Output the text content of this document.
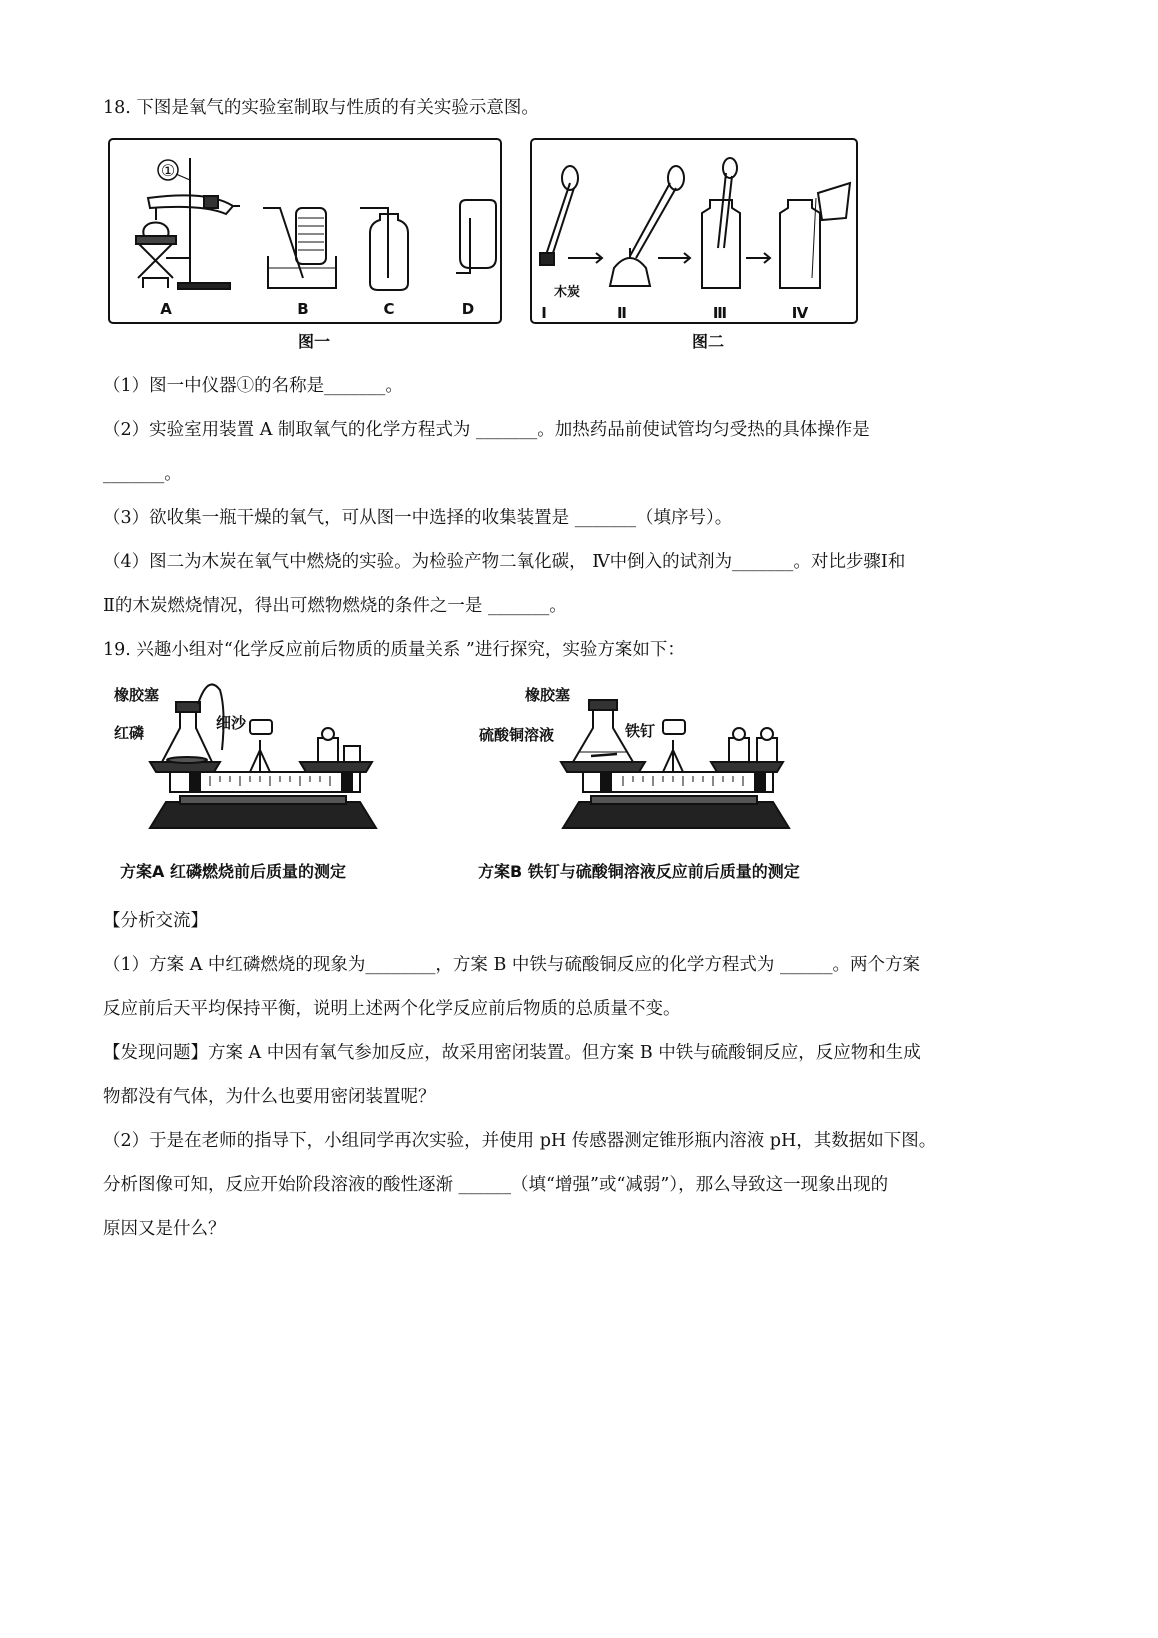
18. 下图是氧气的实验室制取与性质的有关实验示意图。
①
A	B	C	D
图一
木炭
Ⅰ	Ⅱ	Ⅲ	Ⅳ
图二
（1）图一中仪器①的名称是_______。
（2）实验室用装置 A 制取氧气的化学方程式为 _______。加热药品前使试管均匀受热的具体操作是
_______。
（3）欲收集一瓶干燥的氧气，可从图一中选择的收集装置是 _______（填序号）。
（4）图二为木炭在氧气中燃烧的实验。为检验产物二氧化碳， Ⅳ中倒入的试剂为_______。对比步骤Ⅰ和
Ⅱ的木炭燃烧情况，得出可燃物燃烧的条件之一是 _______。
19. 兴趣小组对“化学反应前后物质的质量关系 ”进行探究，实验方案如下：
橡胶塞
红磷
细沙
方案A 红磷燃烧前后质量的测定
橡胶塞
硫酸铜溶液	铁钉
方案B 铁钉与硫酸铜溶液反应前后质量的测定
【分析交流】
（1）方案 A 中红磷燃烧的现象为________，方案 B 中铁与硫酸铜反应的化学方程式为 ______。两个方案
反应前后天平均保持平衡，说明上述两个化学反应前后物质的总质量不变。
【发现问题】方案 A 中因有氧气参加反应，故采用密闭装置。但方案 B 中铁与硫酸铜反应，反应物和生成
物都没有气体，为什么也要用密闭装置呢？
（2）于是在老师的指导下，小组同学再次实验，并使用 pH 传感器测定锥形瓶内溶液 pH，其数据如下图。
分析图像可知，反应开始阶段溶液的酸性逐渐 ______（填“增强”或“减弱”），那么导致这一现象出现的
原因又是什么？
